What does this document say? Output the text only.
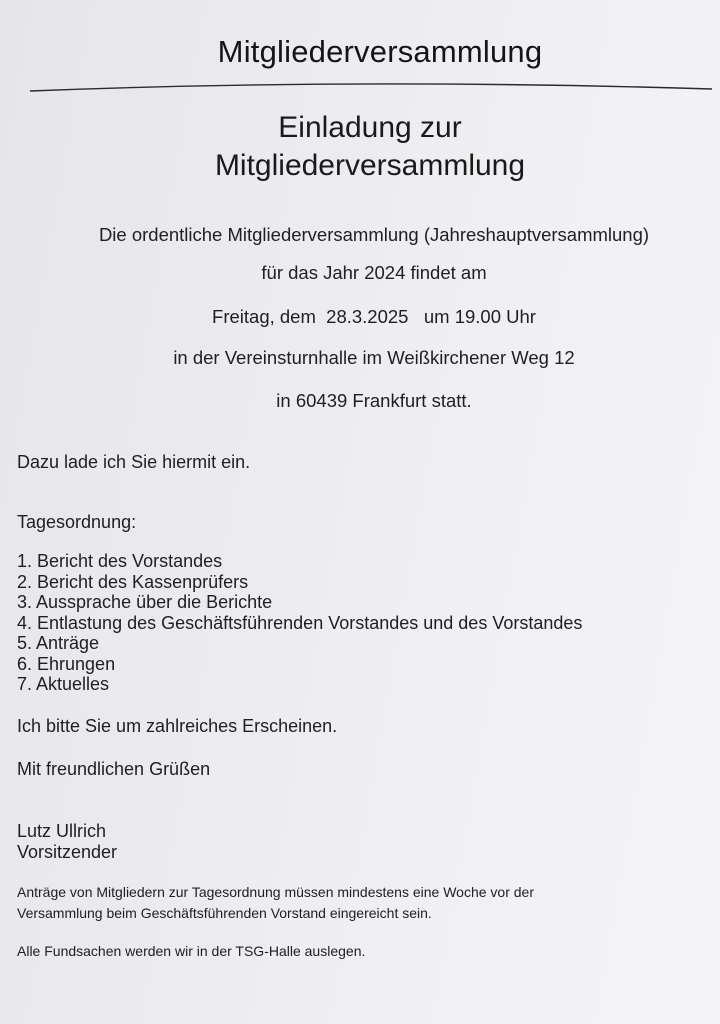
Mitgliederversammlung
Einladung zur
Mitgliederversammlung
Die ordentliche Mitgliederversammlung (Jahreshauptversammlung)
für das Jahr 2024 findet am
Freitag, dem  28.3.2025   um 19.00 Uhr
in der Vereinsturnhalle im Weißkirchener Weg 12
in 60439 Frankfurt statt.
Dazu lade ich Sie hiermit ein.
Tagesordnung:
1. Bericht des Vorstandes
2. Bericht des Kassenprüfers
3. Aussprache über die Berichte
4. Entlastung des Geschäftsführenden Vorstandes und des Vorstandes
5. Anträge
6. Ehrungen
7. Aktuelles
Ich bitte Sie um zahlreiches Erscheinen.
Mit freundlichen Grüßen
Lutz Ullrich
Vorsitzender
Anträge von Mitgliedern zur Tagesordnung müssen mindestens eine Woche vor der
Versammlung beim Geschäftsführenden Vorstand eingereicht sein.
Alle Fundsachen werden wir in der TSG-Halle auslegen.
